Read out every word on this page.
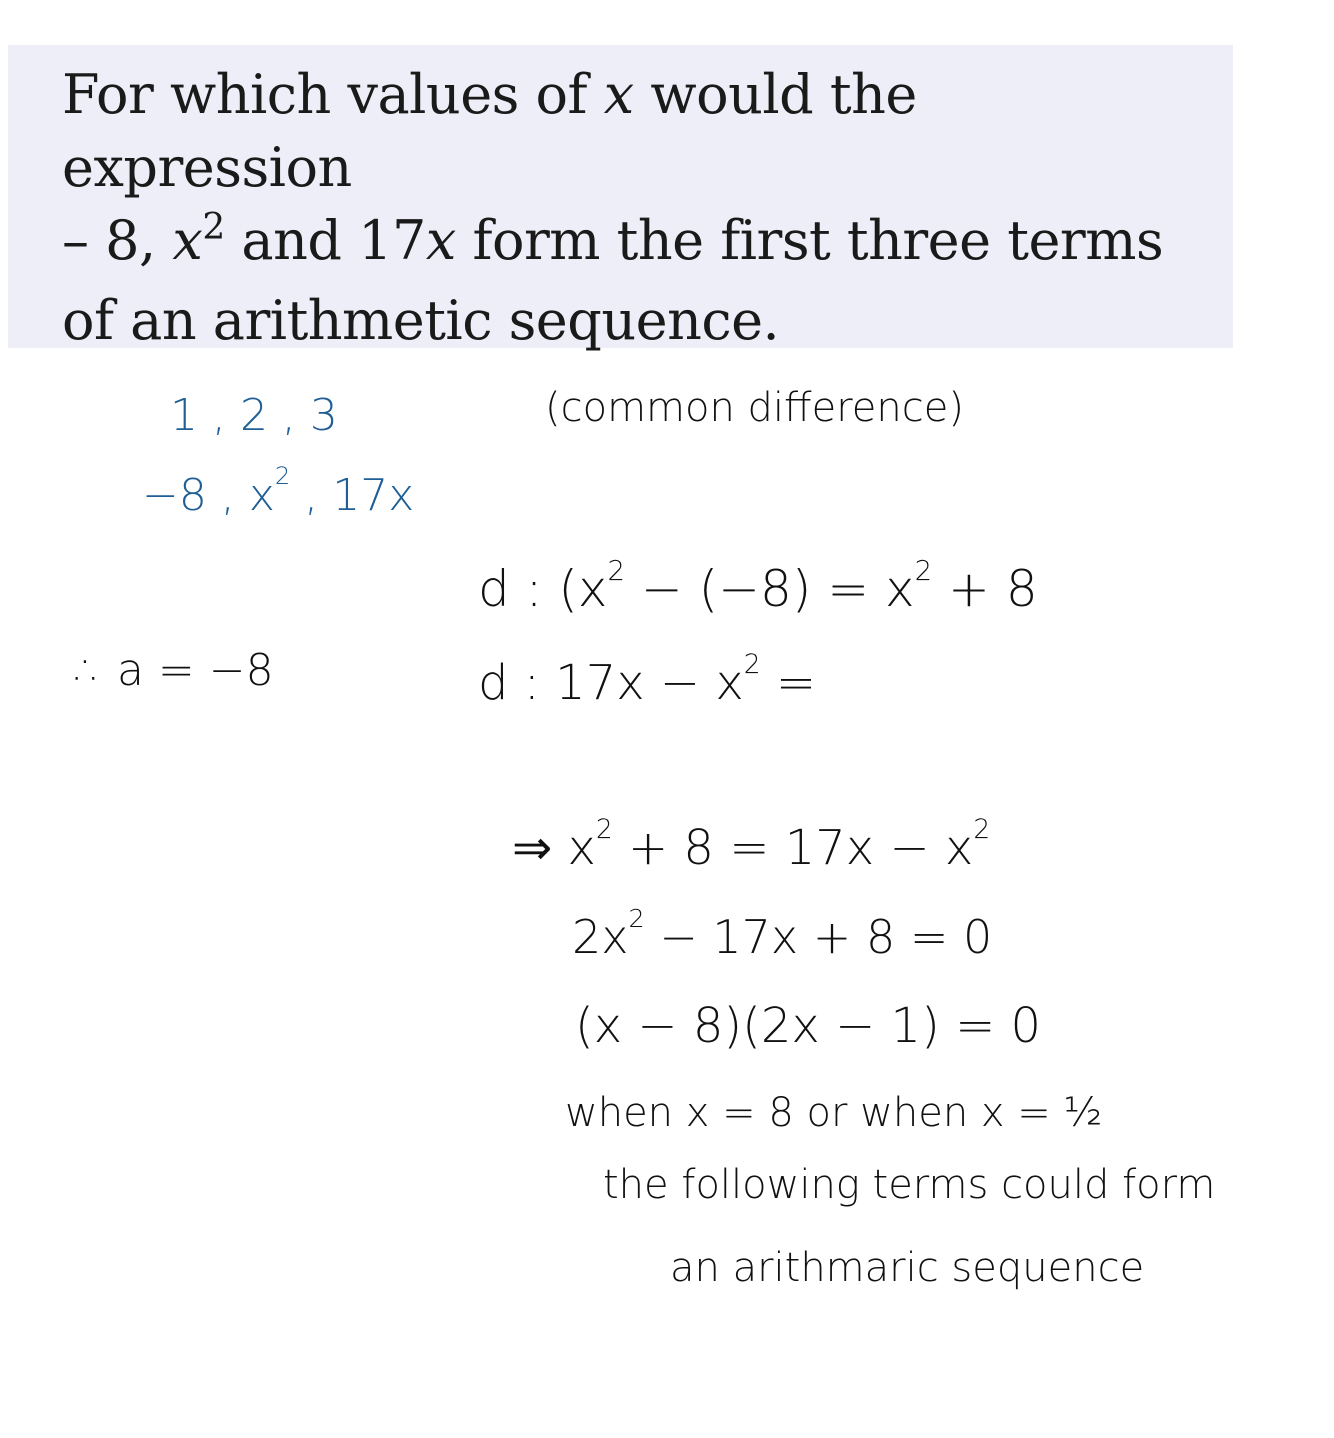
For which values of x would the expression
– 8, $x^2$ and 17x form the first three terms
of an arithmetic sequence.

1 , 2 , 3
−8 , $x^2$ , 17x
(common difference)
∴ a = −8
d : ($x^2 - (-8) = x^2 + 8$
d : $17x - x^2$ =
⇒ $x^2 + 8 = 17x - x^2$
$2x^2 - 17x + 8 = 0$
(x − 8)(2x − 1) = 0
when x = 8 or when x = ½
the following terms could form
an arithmaric sequence
